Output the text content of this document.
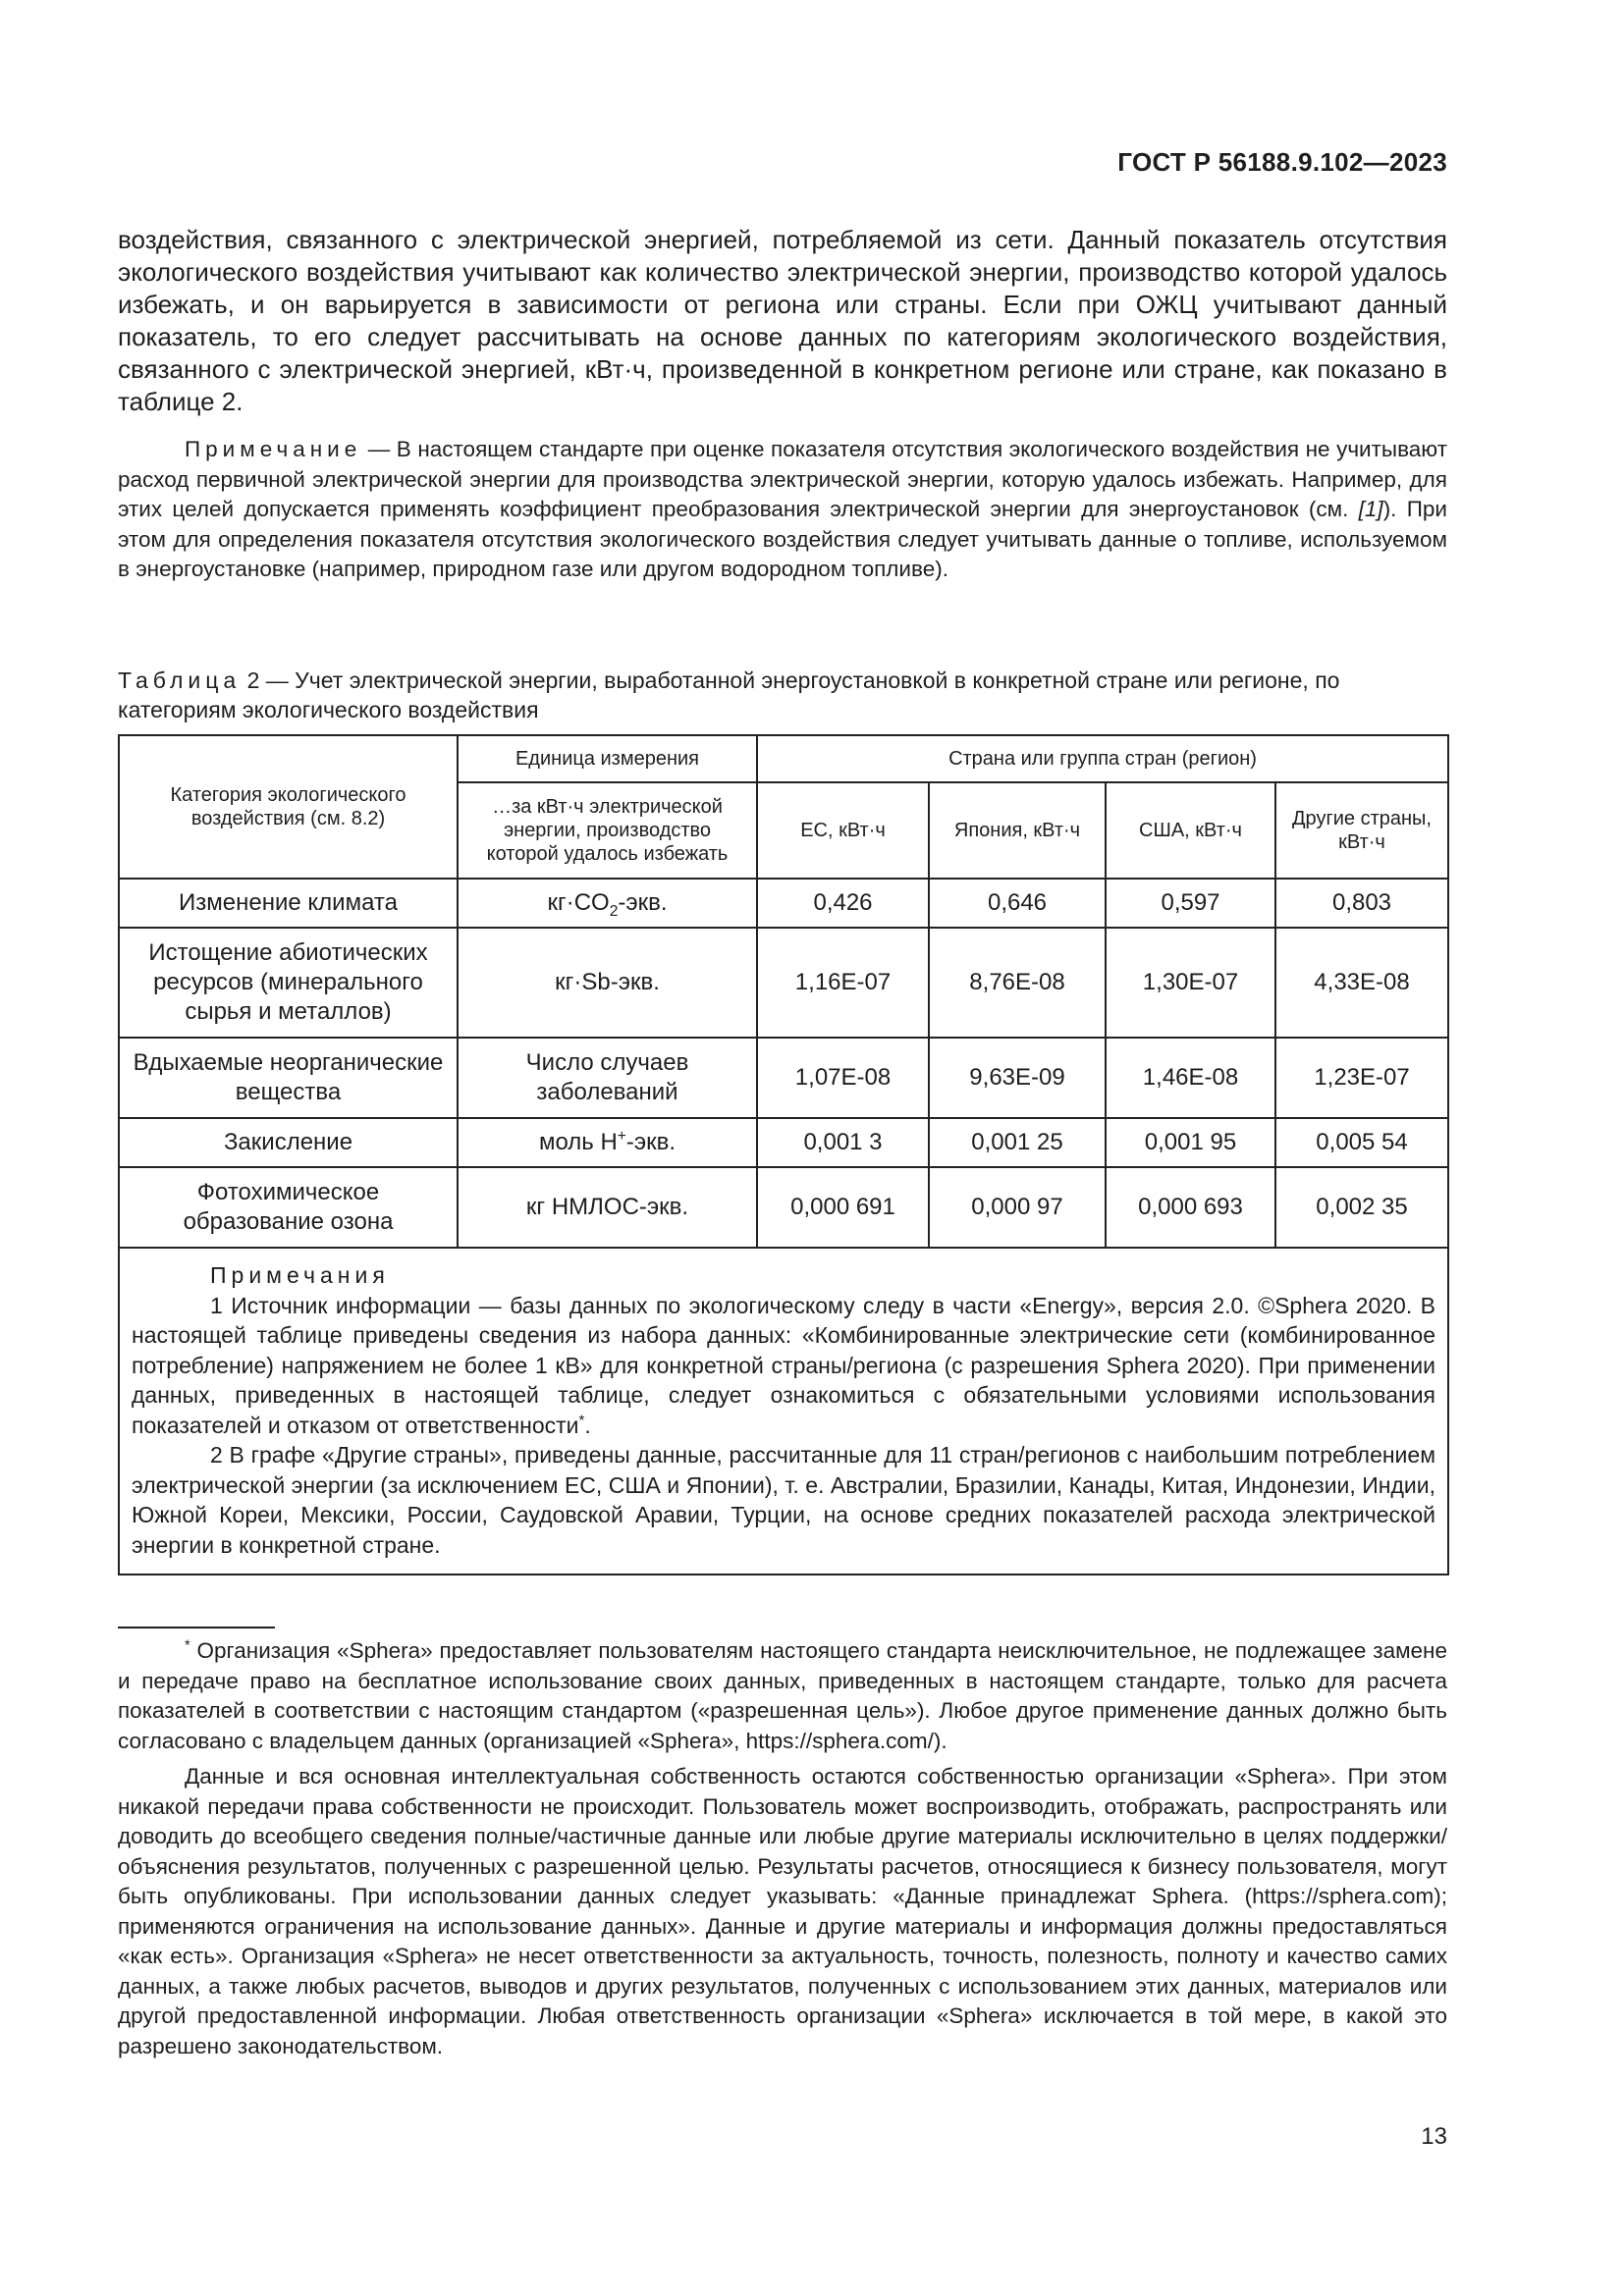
ГОСТ Р 56188.9.102—2023

воздействия, связанного с электрической энергией, потребляемой из сети. Данный показатель отсутствия экологического воздействия учитывают как количество электрической энергии, производство которой удалось избежать, и он варьируется в зависимости от региона или страны. Если при ОЖЦ учитывают данный показатель, то его следует рассчитывать на основе данных по категориям экологического воздействия, связанного с электрической энергией, кВт·ч, произведенной в конкретном регионе или стране, как показано в таблице 2.

Примечание — В настоящем стандарте при оценке показателя отсутствия экологического воздействия не учитывают расход первичной электрической энергии для производства электрической энергии, которую удалось избежать. Например, для этих целей допускается применять коэффициент преобразования электрической энергии для энергоустановок (см. [1]). При этом для определения показателя отсутствия экологического воздействия следует учитывать данные о топливе, используемом в энергоустановке (например, природном газе или другом водородном топливе).

Таблица 2 — Учет электрической энергии, выработанной энергоустановкой в конкретной стране или регионе, по категориям экологического воздействия

Категория экологического воздействия (см. 8.2)	Единица измерения	Страна или группа стран (регион)			
	…за кВт·ч электрической энергии, производство которой удалось избежать	ЕС, кВт·ч	Япония, кВт·ч	США, кВт·ч	Другие страны, кВт·ч
Изменение климата	$кг\cdot CO_2$-экв.	0,426	0,646	0,597	0,803
Истощение абиотических ресурсов (минерального сырья и металлов)	кг·Sb-экв.	1,16E-07	8,76E-08	1,30E-07	4,33E-08
Вдыхаемые неорганические вещества	Число случаев заболеваний	1,07E-08	9,63E-09	1,46E-08	1,23E-07
Закисление	моль H+-экв.	0,001 3	0,001 25	0,001 95	0,005 54
Фотохимическое образование озона	кг НМЛОС-экв.	0,000 691	0,000 97	0,000 693	0,002 35

Примечания

1 Источник информации — базы данных по экологическому следу в части «Energy», версия 2.0. ©Sphera 2020. В настоящей таблице приведены сведения из набора данных: «Комбинированные электрические сети (комбинированное потребление) напряжением не более 1 кВ» для конкретной страны/региона (с разрешения Sphera 2020). При применении данных, приведенных в настоящей таблице, следует ознакомиться с обязательными условиями использования показателей и отказом от ответственности*.

2 В графе «Другие страны», приведены данные, рассчитанные для 11 стран/регионов с наибольшим потреблением электрической энергии (за исключением ЕС, США и Японии), т. е. Австралии, Бразилии, Канады, Китая, Индонезии, Индии, Южной Кореи, Мексики, России, Саудовской Аравии, Турции, на основе средних показателей расхода электрической энергии в конкретной стране.					

* Организация «Sphera» предоставляет пользователям настоящего стандарта неисключительное, не подлежащее замене и передаче право на бесплатное использование своих данных, приведенных в настоящем стандарте, только для расчета показателей в соответствии с настоящим стандартом («разрешенная цель»). Любое другое применение данных должно быть согласовано с владельцем данных (организацией «Sphera», https://sphera.com/).

Данные и вся основная интеллектуальная собственность остаются собственностью организации «Sphera». При этом никакой передачи права собственности не происходит. Пользователь может воспроизводить, отображать, распространять или доводить до всеобщего сведения полные/частичные данные или любые другие материалы исключительно в целях поддержки/объяснения результатов, полученных с разрешенной целью. Результаты расчетов, относящиеся к бизнесу пользователя, могут быть опубликованы. При использовании данных следует указывать: «Данные принадлежат Sphera. (https://sphera.com); применяются ограничения на использование данных». Данные и другие материалы и информация должны предоставляться «как есть». Организация «Sphera» не несет ответственности за актуальность, точность, полезность, полноту и качество самих данных, а также любых расчетов, выводов и других результатов, полученных с использованием этих данных, материалов или другой предоставленной информации. Любая ответственность организации «Sphera» исключается в той мере, в какой это разрешено законодательством.

13
